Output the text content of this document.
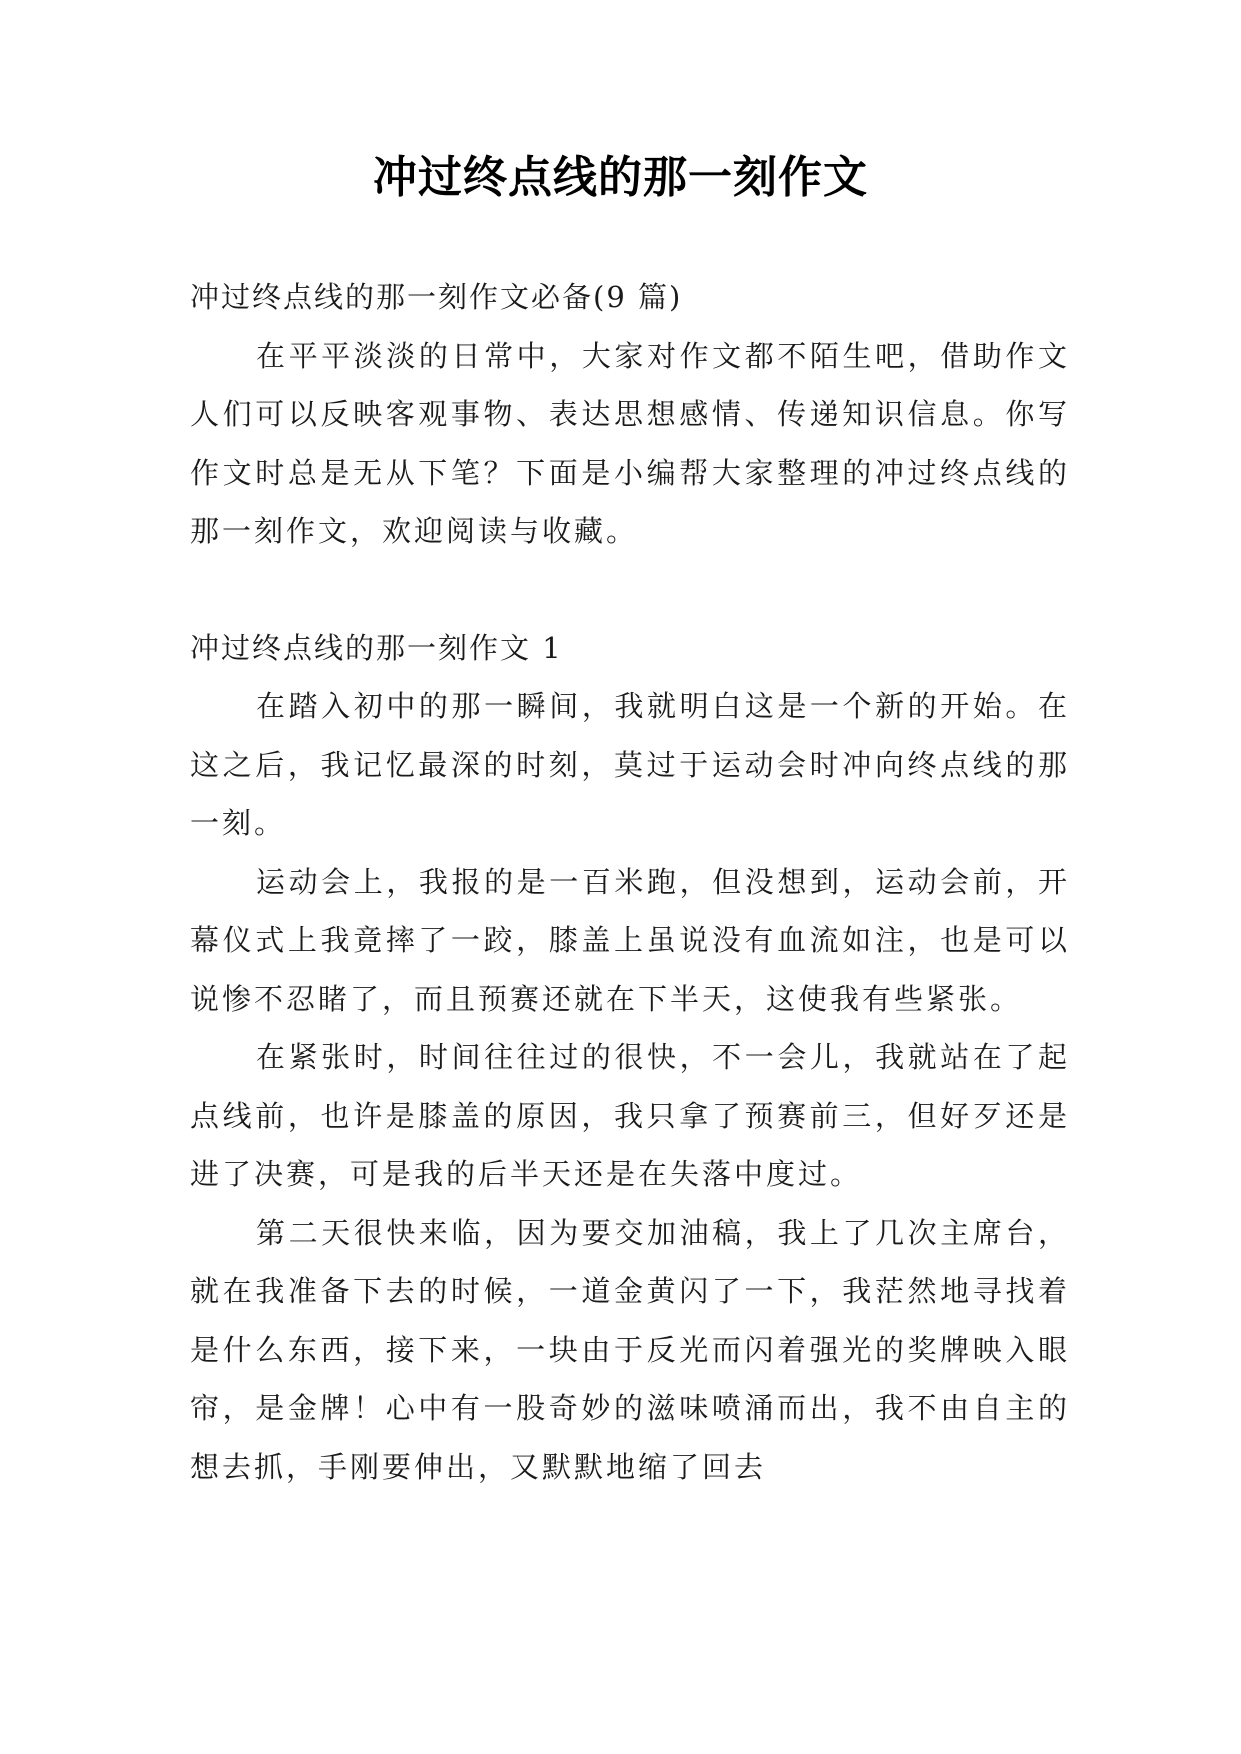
冲过终点线的那一刻作文

冲过终点线的那一刻作文必备(9 篇)

在平平淡淡的日常中，大家对作文都不陌生吧，借助作文人们可以反映客观事物、表达思想感情、传递知识信息。你写作文时总是无从下笔？下面是小编帮大家整理的冲过终点线的那一刻作文，欢迎阅读与收藏。

冲过终点线的那一刻作文 1

在踏入初中的那一瞬间，我就明白这是一个新的开始。在这之后，我记忆最深的时刻，莫过于运动会时冲向终点线的那一刻。

运动会上，我报的是一百米跑，但没想到，运动会前，开幕仪式上我竟摔了一跤，膝盖上虽说没有血流如注，也是可以说惨不忍睹了，而且预赛还就在下半天，这使我有些紧张。

在紧张时，时间往往过的很快，不一会儿，我就站在了起点线前，也许是膝盖的原因，我只拿了预赛前三，但好歹还是进了决赛，可是我的后半天还是在失落中度过。

第二天很快来临，因为要交加油稿，我上了几次主席台，就在我准备下去的时候，一道金黄闪了一下，我茫然地寻找着是什么东西，接下来，一块由于反光而闪着强光的奖牌映入眼帘，是金牌！心中有一股奇妙的滋味喷涌而出，我不由自主的想去抓，手刚要伸出，又默默地缩了回去
